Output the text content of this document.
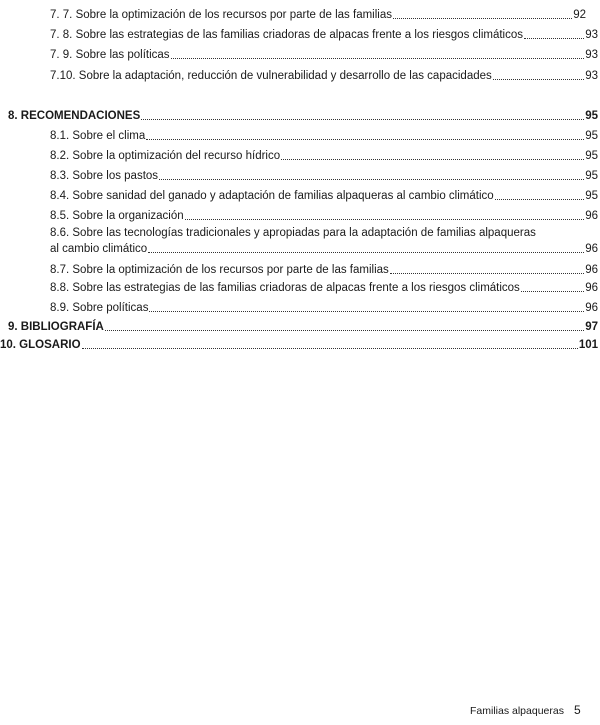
7. 7. Sobre la optimización de los recursos por parte de las familias	92
7. 8. Sobre las estrategias de las familias criadoras de alpacas frente a los riesgos climáticos	93
7. 9. Sobre las políticas	93
7.10. Sobre la adaptación, reducción de vulnerabilidad y desarrollo de las capacidades	93
8. RECOMENDACIONES	95
8.1. Sobre el clima	95
8.2. Sobre la optimización del recurso hídrico	95
8.3. Sobre los pastos	95
8.4. Sobre sanidad del ganado y adaptación de familias alpaqueras al cambio climático	95
8.5. Sobre la organización	96
8.6. Sobre las tecnologías tradicionales y apropiadas para la adaptación de familias alpaqueras
al cambio climático	96
8.7. Sobre la optimización de los recursos por parte de las familias	96
8.8. Sobre las estrategias de las familias criadoras de alpacas frente a los riesgos climáticos	96
8.9. Sobre políticas	96
9. BIBLIOGRAFÍA	97
10. GLOSARIO	101
Familias alpaqueras 5
